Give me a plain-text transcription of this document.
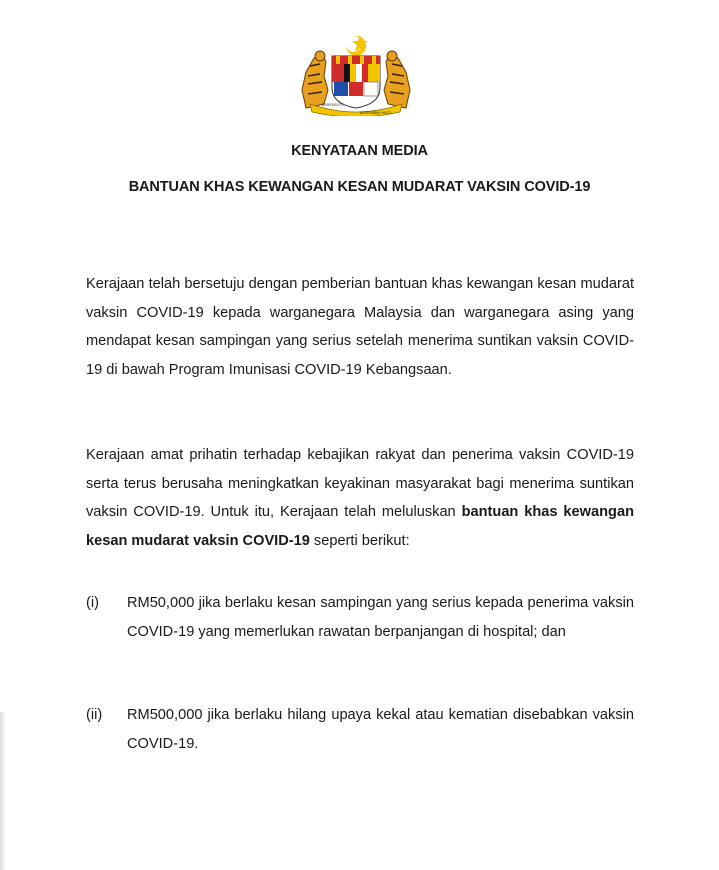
BERSEKUTU
BERTAMBAH MUTU
KENYATAAN MEDIA
BANTUAN KHAS KEWANGAN KESAN MUDARAT VAKSIN COVID-19

Kerajaan telah bersetuju dengan pemberian bantuan khas kewangan kesan mudarat vaksin COVID-19 kepada warganegara Malaysia dan warganegara asing yang mendapat kesan sampingan yang serius setelah menerima suntikan vaksin COVID-19 di bawah Program Imunisasi COVID-19 Kebangsaan.

Kerajaan amat prihatin terhadap kebajikan rakyat dan penerima vaksin COVID-19 serta terus berusaha meningkatkan keyakinan masyarakat bagi menerima suntikan vaksin COVID-19. Untuk itu, Kerajaan telah meluluskan bantuan khas kewangan kesan mudarat vaksin COVID-19 seperti berikut:

(i) RM50,000 jika berlaku kesan sampingan yang serius kepada penerima vaksin COVID-19 yang memerlukan rawatan berpanjangan di hospital; dan
(ii) RM500,000 jika berlaku hilang upaya kekal atau kematian disebabkan vaksin COVID-19.
